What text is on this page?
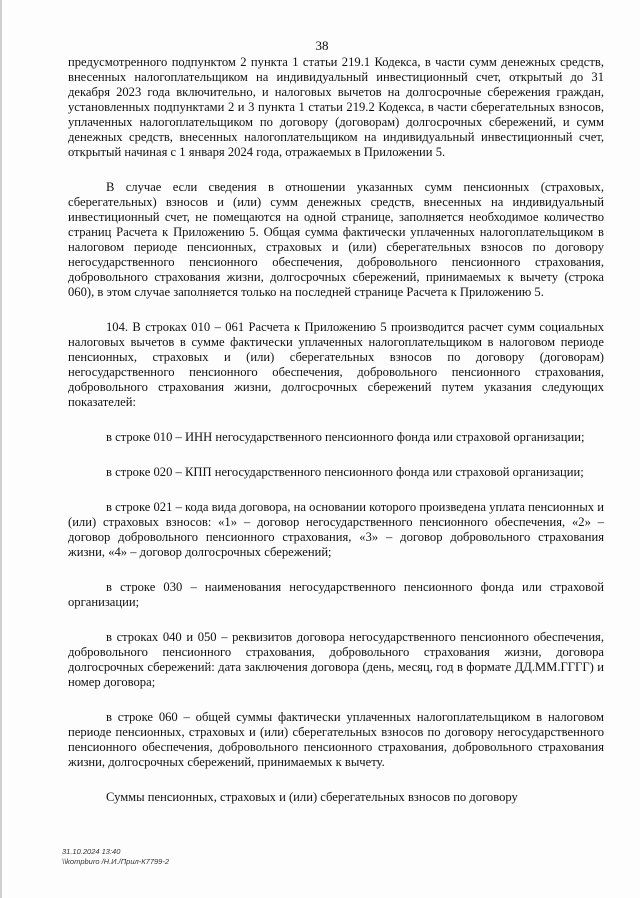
38

предусмотренного подпунктом 2 пункта 1 статьи 219.1 Кодекса, в части сумм денежных средств, внесенных налогоплательщиком на индивидуальный инвестиционный счет, открытый до 31 декабря 2023 года включительно, и налоговых вычетов на долгосрочные сбережения граждан, установленных подпунктами 2 и 3 пункта 1 статьи 219.2 Кодекса, в части сберегательных взносов, уплаченных налогоплательщиком по договору (договорам) долгосрочных сбережений, и сумм денежных средств, внесенных налогоплательщиком на индивидуальный инвестиционный счет, открытый начиная с 1 января 2024 года, отражаемых в Приложении 5.

В случае если сведения в отношении указанных сумм пенсионных (страховых, сберегательных) взносов и (или) сумм денежных средств, внесенных на индивидуальный инвестиционный счет, не помещаются на одной странице, заполняется необходимое количество страниц Расчета к Приложению 5. Общая сумма фактически уплаченных налогоплательщиком в налоговом периоде пенсионных, страховых и (или) сберегательных взносов по договору негосударственного пенсионного обеспечения, добровольного пенсионного страхования, добровольного страхования жизни, долгосрочных сбережений, принимаемых к вычету (строка 060), в этом случае заполняется только на последней странице Расчета к Приложению 5.

104. В строках 010 – 061 Расчета к Приложению 5 производится расчет сумм социальных налоговых вычетов в сумме фактически уплаченных налогоплательщиком в налоговом периоде пенсионных, страховых и (или) сберегательных взносов по договору (договорам) негосударственного пенсионного обеспечения, добровольного пенсионного страхования, добровольного страхования жизни, долгосрочных сбережений путем указания следующих показателей:

в строке 010 – ИНН негосударственного пенсионного фонда или страховой организации;

в строке 020 – КПП негосударственного пенсионного фонда или страховой организации;

в строке 021 – кода вида договора, на основании которого произведена уплата пенсионных и (или) страховых взносов: «1» – договор негосударственного пенсионного обеспечения, «2» – договор добровольного пенсионного страхования, «3» – договор добровольного страхования жизни, «4» – договор долгосрочных сбережений;

в строке 030 – наименования негосударственного пенсионного фонда или страховой организации;

в строках 040 и 050 – реквизитов договора негосударственного пенсионного обеспечения, добровольного пенсионного страхования, добровольного страхования жизни, договора долгосрочных сбережений: дата заключения договора (день, месяц, год в формате ДД.ММ.ГГГГ) и номер договора;

в строке 060 – общей суммы фактически уплаченных налогоплательщиком в налоговом периоде пенсионных, страховых и (или) сберегательных взносов по договору негосударственного пенсионного обеспечения, добровольного пенсионного страхования, добровольного страхования жизни, долгосрочных сбережений, принимаемых к вычету.

Суммы пенсионных, страховых и (или) сберегательных взносов по договору

31.10.2024 13:40
\\kompburo /Н.И./Прил-К7799-2
